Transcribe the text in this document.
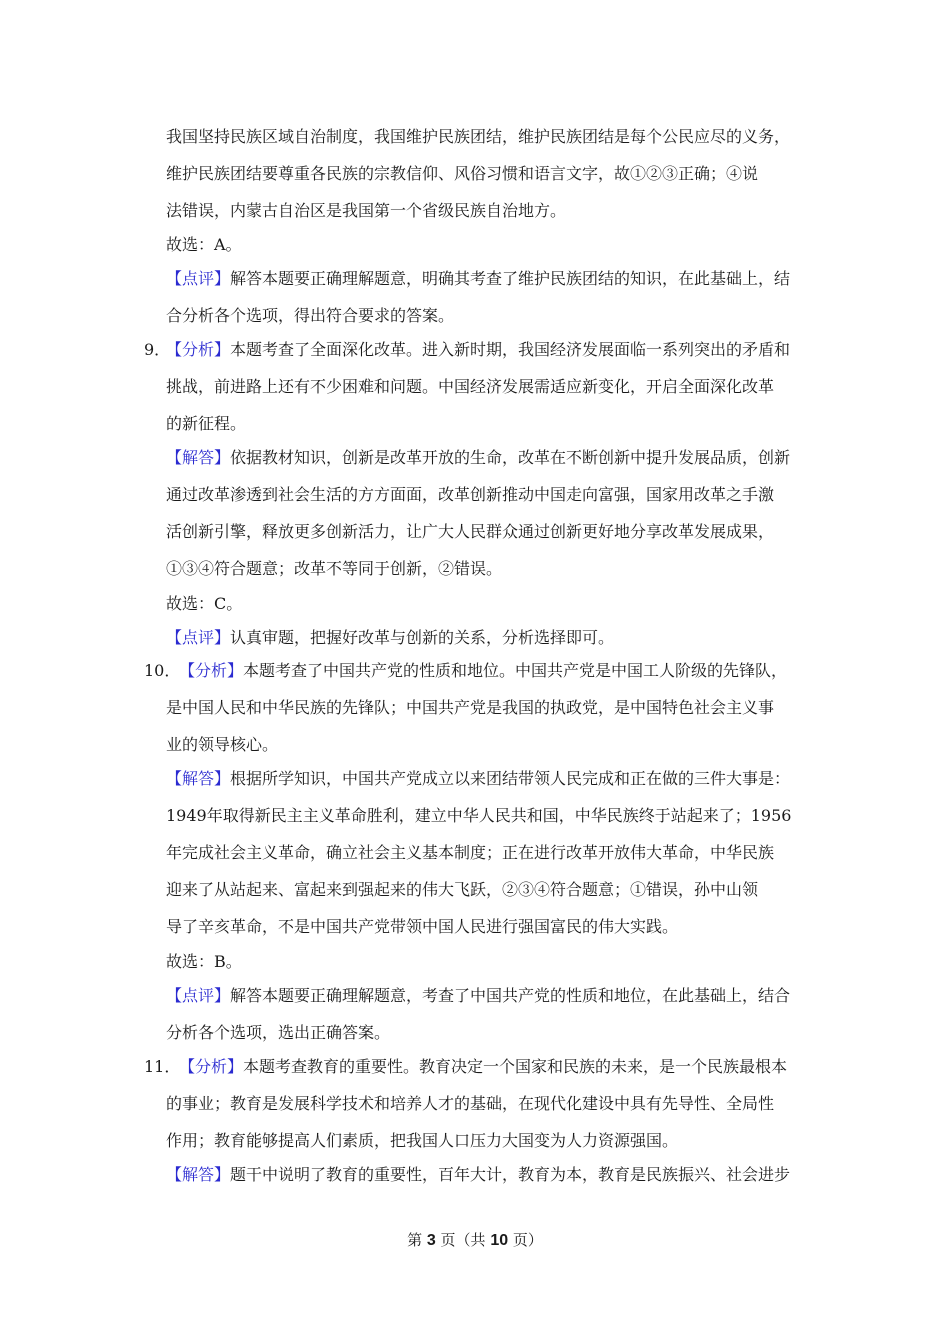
我国坚持民族区域自治制度，我国维护民族团结，维护民族团结是每个公民应尽的义务，
维护民族团结要尊重各民族的宗教信仰、风俗习惯和语言文字，故①②③正确；④说
法错误，内蒙古自治区是我国第一个省级民族自治地方。
故选：A。
【点评】解答本题要正确理解题意，明确其考查了维护民族团结的知识，在此基础上，结
合分析各个选项，得出符合要求的答案。
9．
【分析】本题考查了全面深化改革。进入新时期，我国经济发展面临一系列突出的矛盾和
挑战，前进路上还有不少困难和问题。中国经济发展需适应新变化，开启全面深化改革
的新征程。
【解答】依据教材知识，创新是改革开放的生命，改革在不断创新中提升发展品质，创新
通过改革渗透到社会生活的方方面面，改革创新推动中国走向富强，国家用改革之手激
活创新引擎，释放更多创新活力，让广大人民群众通过创新更好地分享改革发展成果，
①③④符合题意；改革不等同于创新，②错误。
故选：C。
【点评】认真审题，把握好改革与创新的关系，分析选择即可。
10．
【分析】本题考查了中国共产党的性质和地位。中国共产党是中国工人阶级的先锋队，
是中国人民和中华民族的先锋队；中国共产党是我国的执政党，是中国特色社会主义事
业的领导核心。
【解答】根据所学知识，中国共产党成立以来团结带领人民完成和正在做的三件大事是：
1949年取得新民主主义革命胜利，建立中华人民共和国，中华民族终于站起来了；1956
年完成社会主义革命，确立社会主义基本制度；正在进行改革开放伟大革命，中华民族
迎来了从站起来、富起来到强起来的伟大飞跃，②③④符合题意；①错误，孙中山领
导了辛亥革命，不是中国共产党带领中国人民进行强国富民的伟大实践。
故选：B。
【点评】解答本题要正确理解题意，考查了中国共产党的性质和地位，在此基础上，结合
分析各个选项，选出正确答案。
11．
【分析】本题考查教育的重要性。教育决定一个国家和民族的未来，是一个民族最根本
的事业；教育是发展科学技术和培养人才的基础，在现代化建设中具有先导性、全局性
作用；教育能够提高人们素质，把我国人口压力大国变为人力资源强国。
【解答】题干中说明了教育的重要性，百年大计，教育为本，教育是民族振兴、社会进步
第 3 页（共 10 页）
